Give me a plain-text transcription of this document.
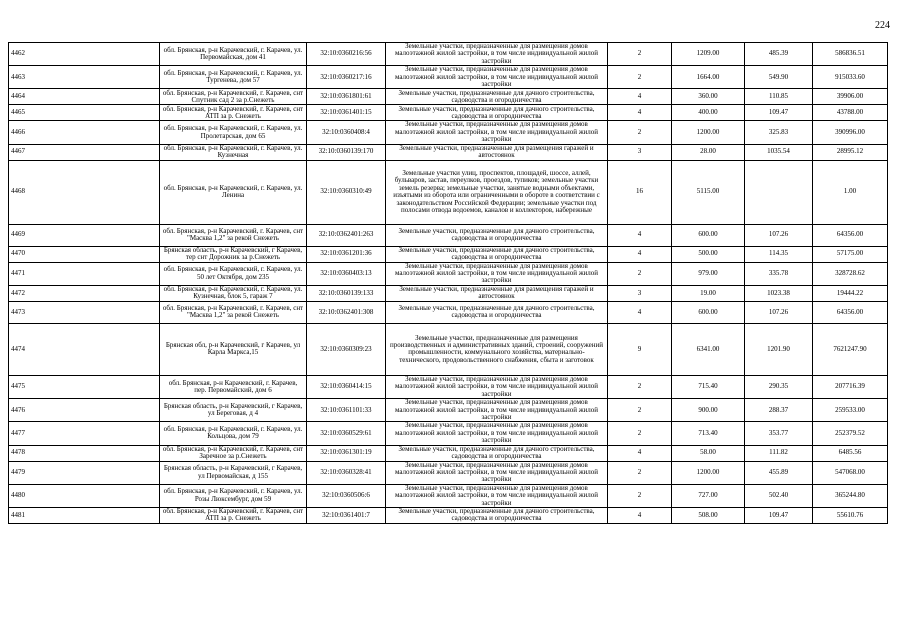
224
4462	обл. Брянская, р-н Карачевский, г. Карачев, ул. Первомайская, дом 41	32:10:0360216:56	Земельные участки, предназначенные для размещения домов малоэтажной жилой застройки, в том числе индивидуальной жилой застройки	2	1209.00	485.39	586836.51
4463	обл. Брянская, р-н Карачевский, г. Карачев, ул. Тургенева, дом 57	32:10:0360217:16	Земельные участки, предназначенные для размещения домов малоэтажной жилой застройки, в том числе индивидуальной жилой застройки	2	1664.00	549.90	915033.60
4464	обл. Брянская, р-н Карачевский, г. Карачев, снт Спутник сад 2 за р.Снежеть	32:10:0361801:61	Земельные участки, предназначенные для дачного строительства, садоводства и огородничества	4	360.00	110.85	39906.00
4465	обл. Брянская, р-н Карачевский, г. Карачев, снт АТП за р. Снежеть	32:10:0361401:15	Земельные участки, предназначенные для дачного строительства, садоводства и огородничества	4	400.00	109.47	43788.00
4466	обл. Брянская, р-н Карачевский, г. Карачев, ул. Пролетарская, дом 65	32:10:0360408:4	Земельные участки, предназначенные для размещения домов малоэтажной жилой застройки, в том числе индивидуальной жилой застройки	2	1200.00	325.83	390996.00
4467	обл. Брянская, р-н Карачевский, г. Карачев, ул. Кузнечная	32:10:0360139:170	Земельные участки, предназначенные для размещения гаражей и автостоянок	3	28.00	1035.54	28995.12
4468	обл. Брянская, р-н Карачевский, г. Карачев, ул. Ленина	32:10:0360310:49	Земельные участки улиц, проспектов, площадей, шоссе, аллей, бульваров, застав, переулков, проездов, тупиков; земельные участки земель резерва; земельные участки, занятые водными объектами, изъятыми из оборота или ограниченными в обороте в соответствии с законодательством Российской Федерации; земельные участки под полосами отвода водоемов, каналов и коллекторов, набережные	16	5115.00		1.00
4469	обл. Брянская, р-н Карачевский, г. Карачев, снт "Масква 1,2" за рекой Снежеть	32:10:0362401:263	Земельные участки, предназначенные для дачного строительства, садоводства и огородничества	4	600.00	107.26	64356.00
4470	Брянская область, р-н Карачевский, г Карачев, тер снт Дорожник за р.Снежеть	32:10:0361201:36	Земельные участки, предназначенные для дачного строительства, садоводства и огородничества	4	500.00	114.35	57175.00
4471	обл. Брянская, р-н Карачевский, г. Карачев, ул. 50 лет Октября, дом 235	32:10:0360403:13	Земельные участки, предназначенные для размещения домов малоэтажной жилой застройки, в том числе индивидуальной жилой застройки	2	979.00	335.78	328728.62
4472	обл. Брянская, р-н Карачевский, г. Карачев, ул. Кузнечная, блок 5, гараж 7	32:10:0360139:133	Земельные участки, предназначенные для размещения гаражей и автостоянок	3	19.00	1023.38	19444.22
4473	обл. Брянская, р-н Карачевский, г. Карачев, снт "Масква 1,2" за рекой Снежеть	32:10:0362401:308	Земельные участки, предназначенные для дачного строительства, садоводства и огородничества	4	600.00	107.26	64356.00
4474	Брянская обл, р-н Карачевский, г Карачев, ул Карла Маркса,15	32:10:0360309:23	Земельные участки, предназначенные для размещения производственных и административных зданий, строений, сооружений промышленности, коммунального хозяйства, материально-технического, продовольственного снабжения, сбыта и заготовок	9	6341.00	1201.90	7621247.90
4475	обл. Брянская, р-н Карачевский, г. Карачев, пер. Первомайский, дом 6	32:10:0360414:15	Земельные участки, предназначенные для размещения домов малоэтажной жилой застройки, в том числе индивидуальной жилой застройки	2	715.40	290.35	207716.39
4476	Брянская область, р-н Карачевский, г Карачев, ул Береговая, д 4	32:10:0361101:33	Земельные участки, предназначенные для размещения домов малоэтажной жилой застройки, в том числе индивидуальной жилой застройки	2	900.00	288.37	259533.00
4477	обл. Брянская, р-н Карачевский, г. Карачев, ул. Кольцова, дом 79	32:10:0360529:61	Земельные участки, предназначенные для размещения домов малоэтажной жилой застройки, в том числе индивидуальной жилой застройки	2	713.40	353.77	252379.52
4478	обл. Брянская, р-н Карачевский, г. Карачев, снт Заречное за р.Снежеть	32:10:0361301:19	Земельные участки, предназначенные для дачного строительства, садоводства и огородничества	4	58.00	111.82	6485.56
4479	Брянская область, р-н Карачевский, г Карачев, ул Первомайская, д 155	32:10:0360328:41	Земельные участки, предназначенные для размещения домов малоэтажной жилой застройки, в том числе индивидуальной жилой застройки	2	1200.00	455.89	547068.00
4480	обл. Брянская, р-н Карачевский, г. Карачев, ул. Розы Люксембург, дом 59	32:10:0360506:6	Земельные участки, предназначенные для размещения домов малоэтажной жилой застройки, в том числе индивидуальной жилой застройки	2	727.00	502.40	365244.80
4481	обл. Брянская, р-н Карачевский, г. Карачев, снт АТП за р. Снежеть	32:10:0361401:7	Земельные участки, предназначенные для дачного строительства, садоводства и огородничества	4	508.00	109.47	55610.76
